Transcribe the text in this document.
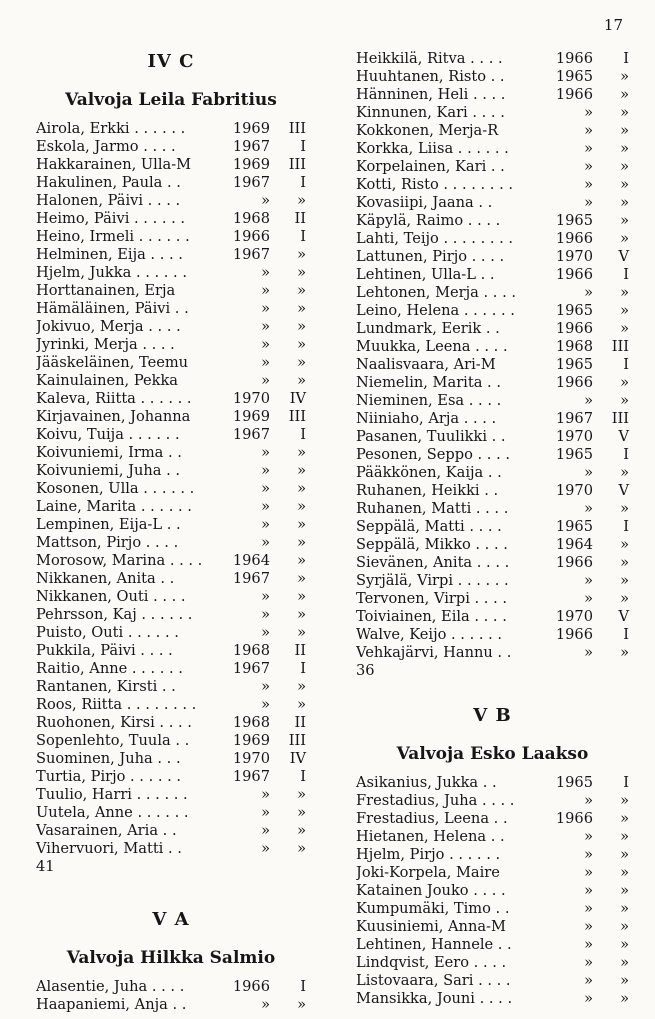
17
IV C
Valvoja Leila Fabritius
Airola, Erkki . . . . . .	1969	III
Eskola, Jarmo . . . .	1967	I
Hakkarainen, Ulla-M	1969	III
Hakulinen, Paula . .	1967	I
Halonen, Päivi . . . .	»	»
Heimo, Päivi . . . . . .	1968	II
Heino, Irmeli . . . . . .	1966	I
Helminen, Eija . . . .	1967	»
Hjelm, Jukka . . . . . .	»	»
Horttanainen, Erja	»	»
Hämäläinen, Päivi . .	»	»
Jokivuo, Merja . . . .	»	»
Jyrinki, Merja . . . .	»	»
Jääskeläinen, Teemu	»	»
Kainulainen, Pekka	»	»
Kaleva, Riitta . . . . . .	1970	IV
Kirjavainen, Johanna	1969	III
Koivu, Tuija . . . . . .	1967	I
Koivuniemi, Irma . .	»	»
Koivuniemi, Juha . .	»	»
Kosonen, Ulla . . . . . .	»	»
Laine, Marita . . . . . .	»	»
Lempinen, Eija-L . .	»	»
Mattson, Pirjo . . . .	»	»
Morosow, Marina . . . .	1964	»
Nikkanen, Anita . .	1967	»
Nikkanen, Outi . . . .	»	»
Pehrsson, Kaj . . . . . .	»	»
Puisto, Outi . . . . . .	»	»
Pukkila, Päivi . . . .	1968	II
Raitio, Anne . . . . . .	1967	I
Rantanen, Kirsti . .	»	»
Roos, Riitta . . . . . . . .	»	»
Ruohonen, Kirsi . . . .	1968	II
Sopenlehto, Tuula . .	1969	III
Suominen, Juha . . .	1970	IV
Turtia, Pirjo . . . . . .	1967	I
Tuulio, Harri . . . . . .	»	»
Uutela, Anne . . . . . .	»	»
Vasarainen, Aria . .	»	»
Vihervuori, Matti . .	»	»
41
V A
Valvoja Hilkka Salmio
Alasentie, Juha . . . .	1966	I
Haapaniemi, Anja . .	»	»
Heikkilä, Ritva . . . .	1966	I
Huuhtanen, Risto . .	1965	»
Hänninen, Heli . . . .	1966	»
Kinnunen, Kari . . . .	»	»
Kokkonen, Merja-R	»	»
Korkka, Liisa . . . . . .	»	»
Korpelainen, Kari . .	»	»
Kotti, Risto . . . . . . . .	»	»
Kovasiipi, Jaana . .	»	»
Käpylä, Raimo . . . .	1965	»
Lahti, Teijo . . . . . . . .	1966	»
Lattunen, Pirjo . . . .	1970	V
Lehtinen, Ulla-L . .	1966	I
Lehtonen, Merja . . . .	»	»
Leino, Helena . . . . . .	1965	»
Lundmark, Eerik . .	1966	»
Muukka, Leena . . . .	1968	III
Naalisvaara, Ari-M	1965	I
Niemelin, Marita . .	1966	»
Nieminen, Esa . . . .	»	»
Niiniaho, Arja . . . .	1967	III
Pasanen, Tuulikki . .	1970	V
Pesonen, Seppo . . . .	1965	I
Pääkkönen, Kaija . .	»	»
Ruhanen, Heikki . .	1970	V
Ruhanen, Matti . . . .	»	»
Seppälä, Matti . . . .	1965	I
Seppälä, Mikko . . . .	1964	»
Sievänen, Anita . . . .	1966	»
Syrjälä, Virpi . . . . . .	»	»
Tervonen, Virpi . . . .	»	»
Toiviainen, Eila . . . .	1970	V
Walve, Keijo . . . . . .	1966	I
Vehkajärvi, Hannu . .	»	»
36
V B
Valvoja Esko Laakso
Asikanius, Jukka . .	1965	I
Frestadius, Juha . . . .	»	»
Frestadius, Leena . .	1966	»
Hietanen, Helena . .	»	»
Hjelm, Pirjo . . . . . .	»	»
Joki-Korpela, Maire	»	»
Katainen Jouko . . . .	»	»
Kumpumäki, Timo . .	»	»
Kuusiniemi, Anna-M	»	»
Lehtinen, Hannele . .	»	»
Lindqvist, Eero . . . .	»	»
Listovaara, Sari . . . .	»	»
Mansikka, Jouni . . . .	»	»
